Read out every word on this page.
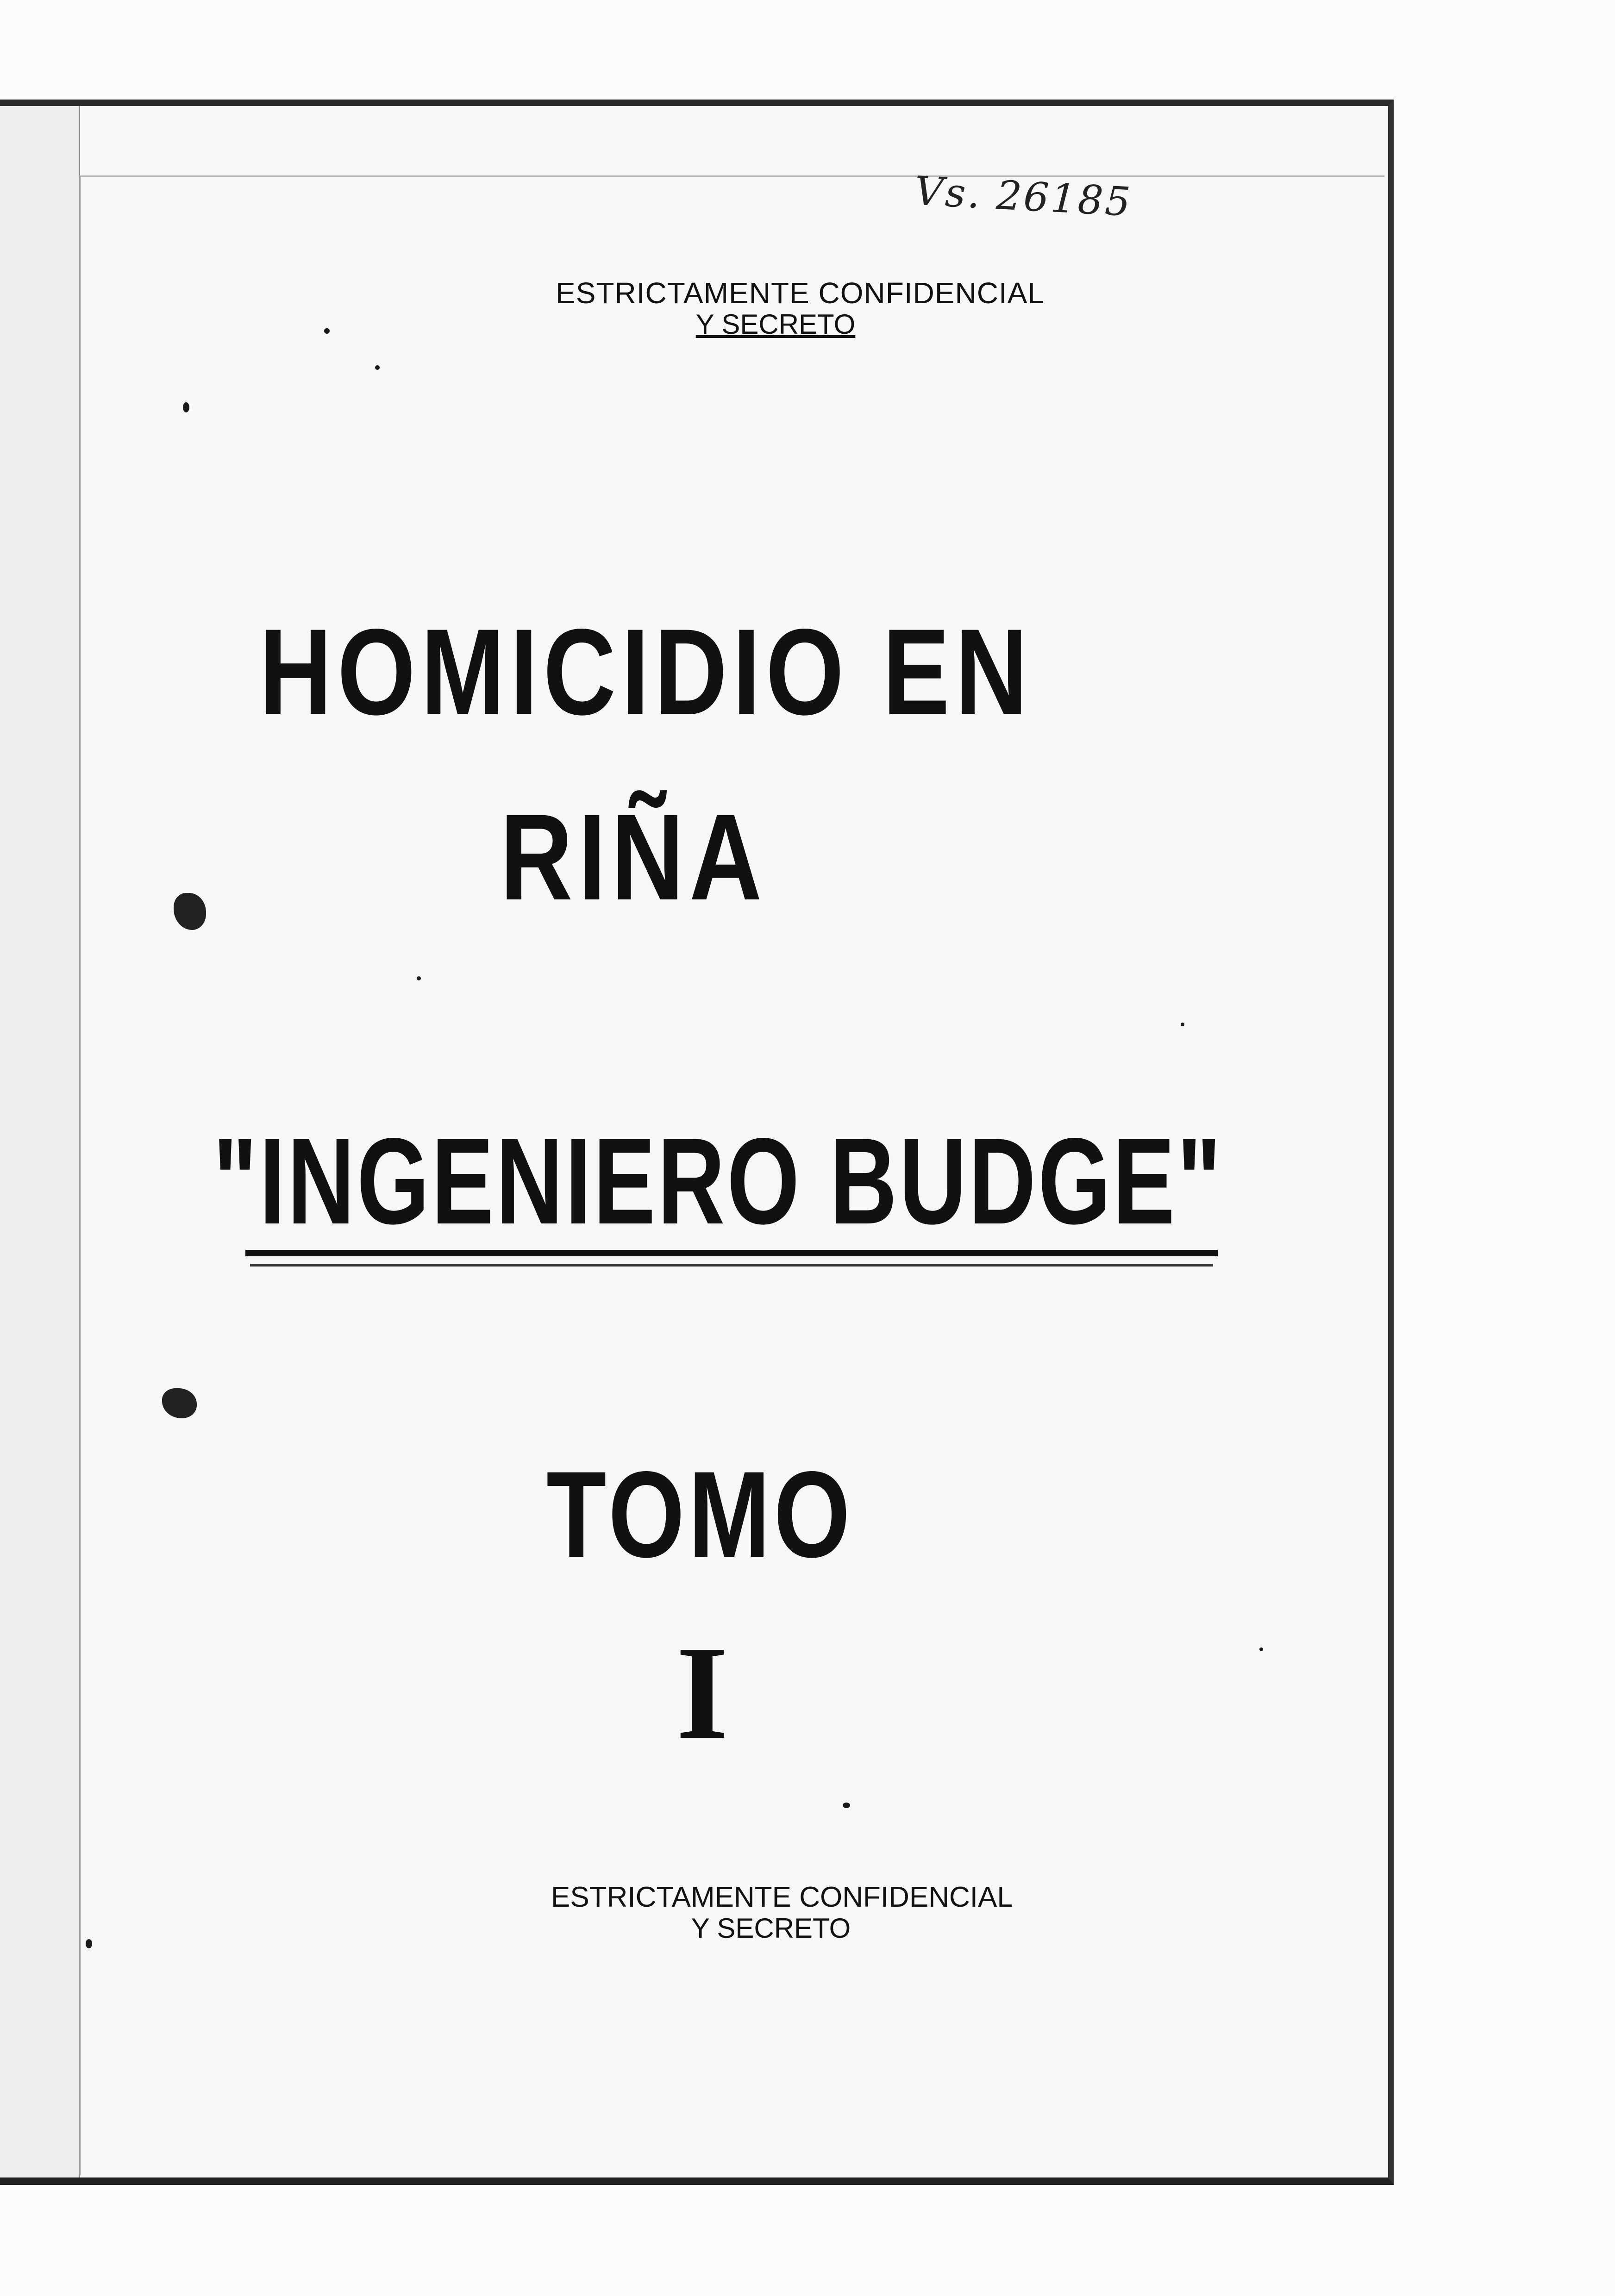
Vs. 26185
ESTRICTAMENTE CONFIDENCIAL
Y SECRETO
HOMICIDIO EN
RIÑA
"INGENIERO BUDGE"
TOMO
I
ESTRICTAMENTE CONFIDENCIAL
Y SECRETO
